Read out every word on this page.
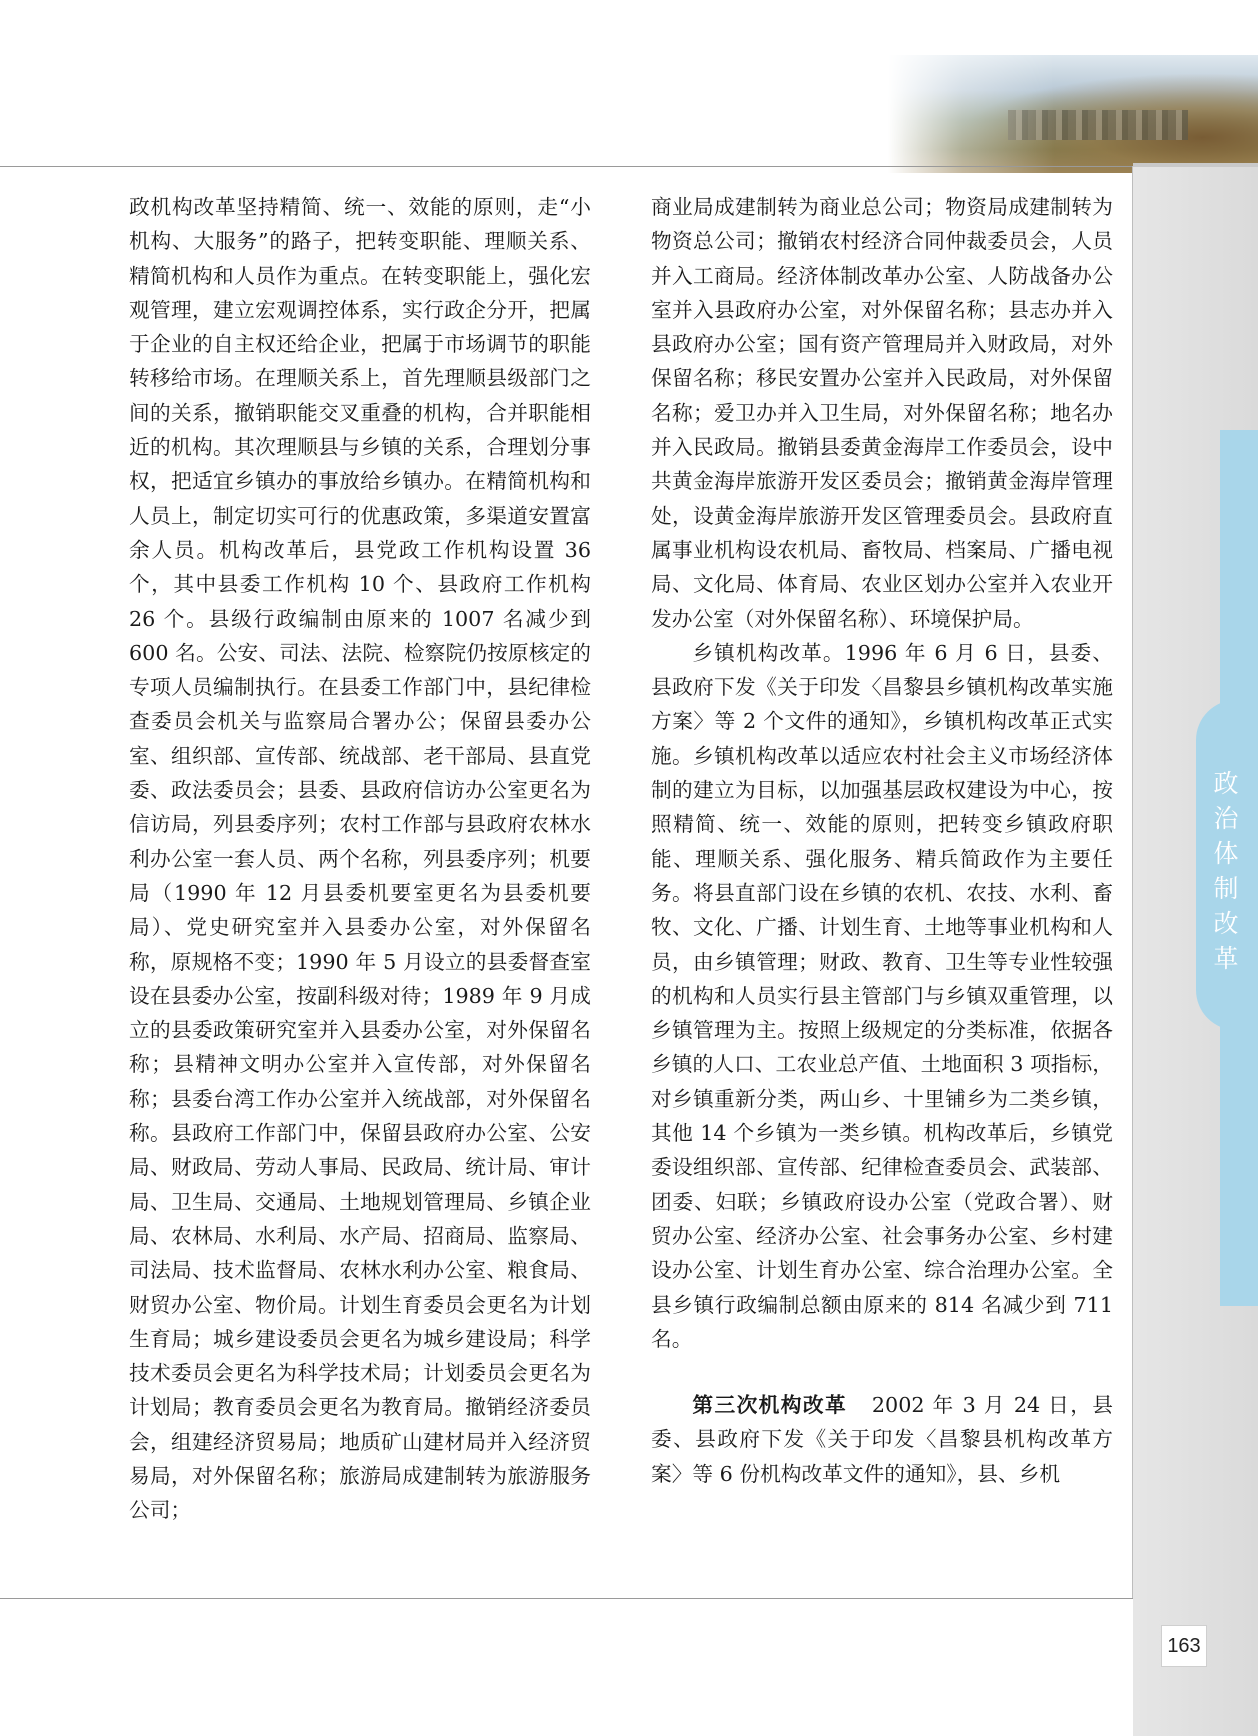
政治体制改革

政机构改革坚持精简、统一、效能的原则，走“小机构、大服务”的路子，把转变职能、理顺关系、精简机构和人员作为重点。在转变职能上，强化宏观管理，建立宏观调控体系，实行政企分开，把属于企业的自主权还给企业，把属于市场调节的职能转移给市场。在理顺关系上，首先理顺县级部门之间的关系，撤销职能交叉重叠的机构，合并职能相近的机构。其次理顺县与乡镇的关系，合理划分事权，把适宜乡镇办的事放给乡镇办。在精简机构和人员上，制定切实可行的优惠政策，多渠道安置富余人员。机构改革后，县党政工作机构设置 36 个，其中县委工作机构 10 个、县政府工作机构 26 个。县级行政编制由原来的 1007 名减少到 600 名。公安、司法、法院、检察院仍按原核定的专项人员编制执行。在县委工作部门中，县纪律检查委员会机关与监察局合署办公；保留县委办公室、组织部、宣传部、统战部、老干部局、县直党委、政法委员会；县委、县政府信访办公室更名为信访局，列县委序列；农村工作部与县政府农林水利办公室一套人员、两个名称，列县委序列；机要局（1990 年 12 月县委机要室更名为县委机要局）、党史研究室并入县委办公室，对外保留名称，原规格不变；1990 年 5 月设立的县委督查室设在县委办公室，按副科级对待；1989 年 9 月成立的县委政策研究室并入县委办公室，对外保留名称；县精神文明办公室并入宣传部，对外保留名称；县委台湾工作办公室并入统战部，对外保留名称。县政府工作部门中，保留县政府办公室、公安局、财政局、劳动人事局、民政局、统计局、审计局、卫生局、交通局、土地规划管理局、乡镇企业局、农林局、水利局、水产局、招商局、监察局、司法局、技术监督局、农林水利办公室、粮食局、财贸办公室、物价局。计划生育委员会更名为计划生育局；城乡建设委员会更名为城乡建设局；科学技术委员会更名为科学技术局；计划委员会更名为计划局；教育委员会更名为教育局。撤销经济委员会，组建经济贸易局；地质矿山建材局并入经济贸易局，对外保留名称；旅游局成建制转为旅游服务公司；

商业局成建制转为商业总公司；物资局成建制转为物资总公司；撤销农村经济合同仲裁委员会，人员并入工商局。经济体制改革办公室、人防战备办公室并入县政府办公室，对外保留名称；县志办并入县政府办公室；国有资产管理局并入财政局，对外保留名称；移民安置办公室并入民政局，对外保留名称；爱卫办并入卫生局，对外保留名称；地名办并入民政局。撤销县委黄金海岸工作委员会，设中共黄金海岸旅游开发区委员会；撤销黄金海岸管理处，设黄金海岸旅游开发区管理委员会。县政府直属事业机构设农机局、畜牧局、档案局、广播电视局、文化局、体育局、农业区划办公室并入农业开发办公室（对外保留名称）、环境保护局。

乡镇机构改革。1996 年 6 月 6 日，县委、县政府下发《关于印发〈昌黎县乡镇机构改革实施方案〉等 2 个文件的通知》，乡镇机构改革正式实施。乡镇机构改革以适应农村社会主义市场经济体制的建立为目标，以加强基层政权建设为中心，按照精简、统一、效能的原则，把转变乡镇政府职能、理顺关系、强化服务、精兵简政作为主要任务。将县直部门设在乡镇的农机、农技、水利、畜牧、文化、广播、计划生育、土地等事业机构和人员，由乡镇管理；财政、教育、卫生等专业性较强的机构和人员实行县主管部门与乡镇双重管理，以乡镇管理为主。按照上级规定的分类标准，依据各乡镇的人口、工农业总产值、土地面积 3 项指标，对乡镇重新分类，两山乡、十里铺乡为二类乡镇，其他 14 个乡镇为一类乡镇。机构改革后，乡镇党委设组织部、宣传部、纪律检查委员会、武装部、团委、妇联；乡镇政府设办公室（党政合署）、财贸办公室、经济办公室、社会事务办公室、乡村建设办公室、计划生育办公室、综合治理办公室。全县乡镇行政编制总额由原来的 814 名减少到 711 名。

第三次机构改革 2002 年 3 月 24 日，县委、县政府下发《关于印发〈昌黎县机构改革方案〉等 6 份机构改革文件的通知》，县、乡机

163
